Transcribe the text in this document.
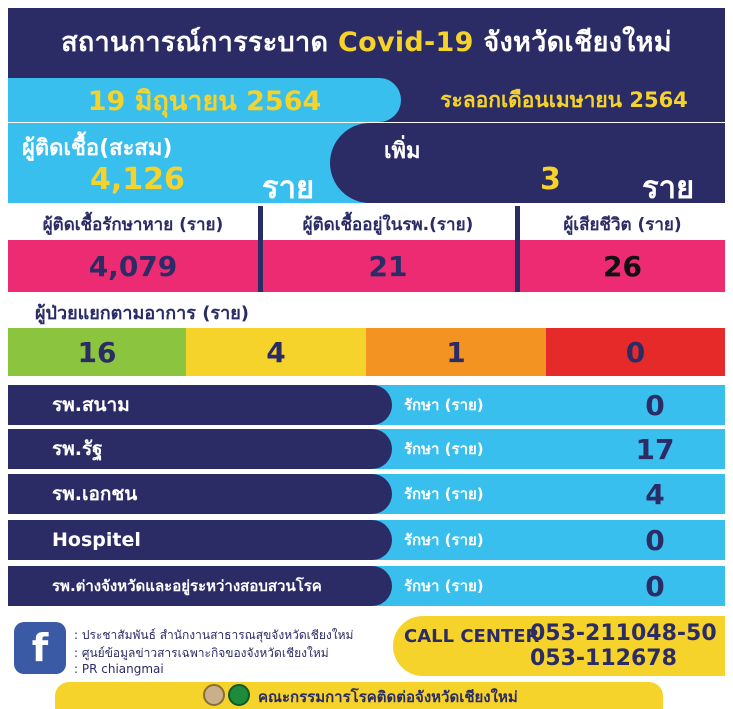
สถานการณ์การระบาด Covid-19 จังหวัดเชียงใหม่
19 มิถุนายน 2564	ระลอกเดือนเมษายน 2564
ผู้ติดเชื้อ(สะสม)
4,126 ราย
เพิ่ม
3	ราย
ผู้ติดเชื้อรักษาหาย (ราย)	ผู้ติดเชื้ออยู่ในรพ.(ราย)	ผู้เสียชีวิต (ราย)
4,079	21	26
ผู้ป่วยแยกตามอาการ (ราย)
16	4	1	0
รพ.สนาม	รักษา (ราย)	0
รพ.รัฐ	รักษา (ราย)	17
รพ.เอกชน	รักษา (ราย)	4
Hospitel	รักษา (ราย)	0
รพ.ต่างจังหวัดและอยู่ระหว่างสอบสวนโรค	รักษา (ราย)	0
f	: ประชาสัมพันธ์ สำนักงานสาธารณสุขจังหวัดเชียงใหม่
: ศูนย์ข้อมูลข่าวสารเฉพาะกิจของจังหวัดเชียงใหม่
: PR chiangmai
CALL CENTER
053-211048-50
053-112678
คณะกรรมการโรคติดต่อจังหวัดเชียงใหม่
